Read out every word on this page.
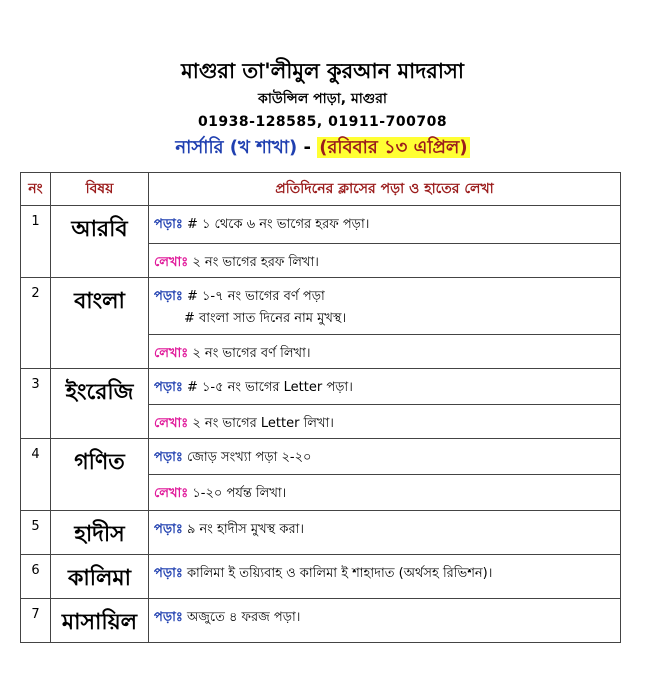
মাগুরা তা'লীমুল কুরআন মাদরাসা
কাউন্সিল পাড়া, মাগুরা
01938-128585, 01911-700708
নার্সারি (খ শাখা) - (রবিবার ১৩ এপ্রিল)
নং	বিষয়	প্রতিদিনের ক্লাসের পড়া ও হাতের লেখা
1	আরবি	পড়াঃ # ১ থেকে ৬ নং ভাগের হরফ পড়া।
		লেখাঃ ২ নং ভাগের হরফ লিখা।
2	বাংলা	পড়াঃ # ১-৭ নং ভাগের বর্ণ পড়া
# বাংলা সাত দিনের নাম মুখস্থ।

		লেখাঃ ২ নং ভাগের বর্ণ লিখা।
3	ইংরেজি	পড়াঃ # ১-৫ নং ভাগের Letter পড়া।
		লেখাঃ ২ নং ভাগের Letter লিখা।
4	গণিত	পড়াঃ জোড় সংখ্যা পড়া ২-২০
		লেখাঃ ১-২০ পর্যন্ত লিখা।
5	হাদীস	পড়াঃ ৯ নং হাদীস মুখস্থ করা।
6	কালিমা	পড়াঃ কালিমা ই তয়্যিবাহ ও কালিমা ই শাহাদাত (অর্থসহ রিভিশন)।
7	মাসায়িল	পড়াঃ অজুতে ৪ ফরজ পড়া।
